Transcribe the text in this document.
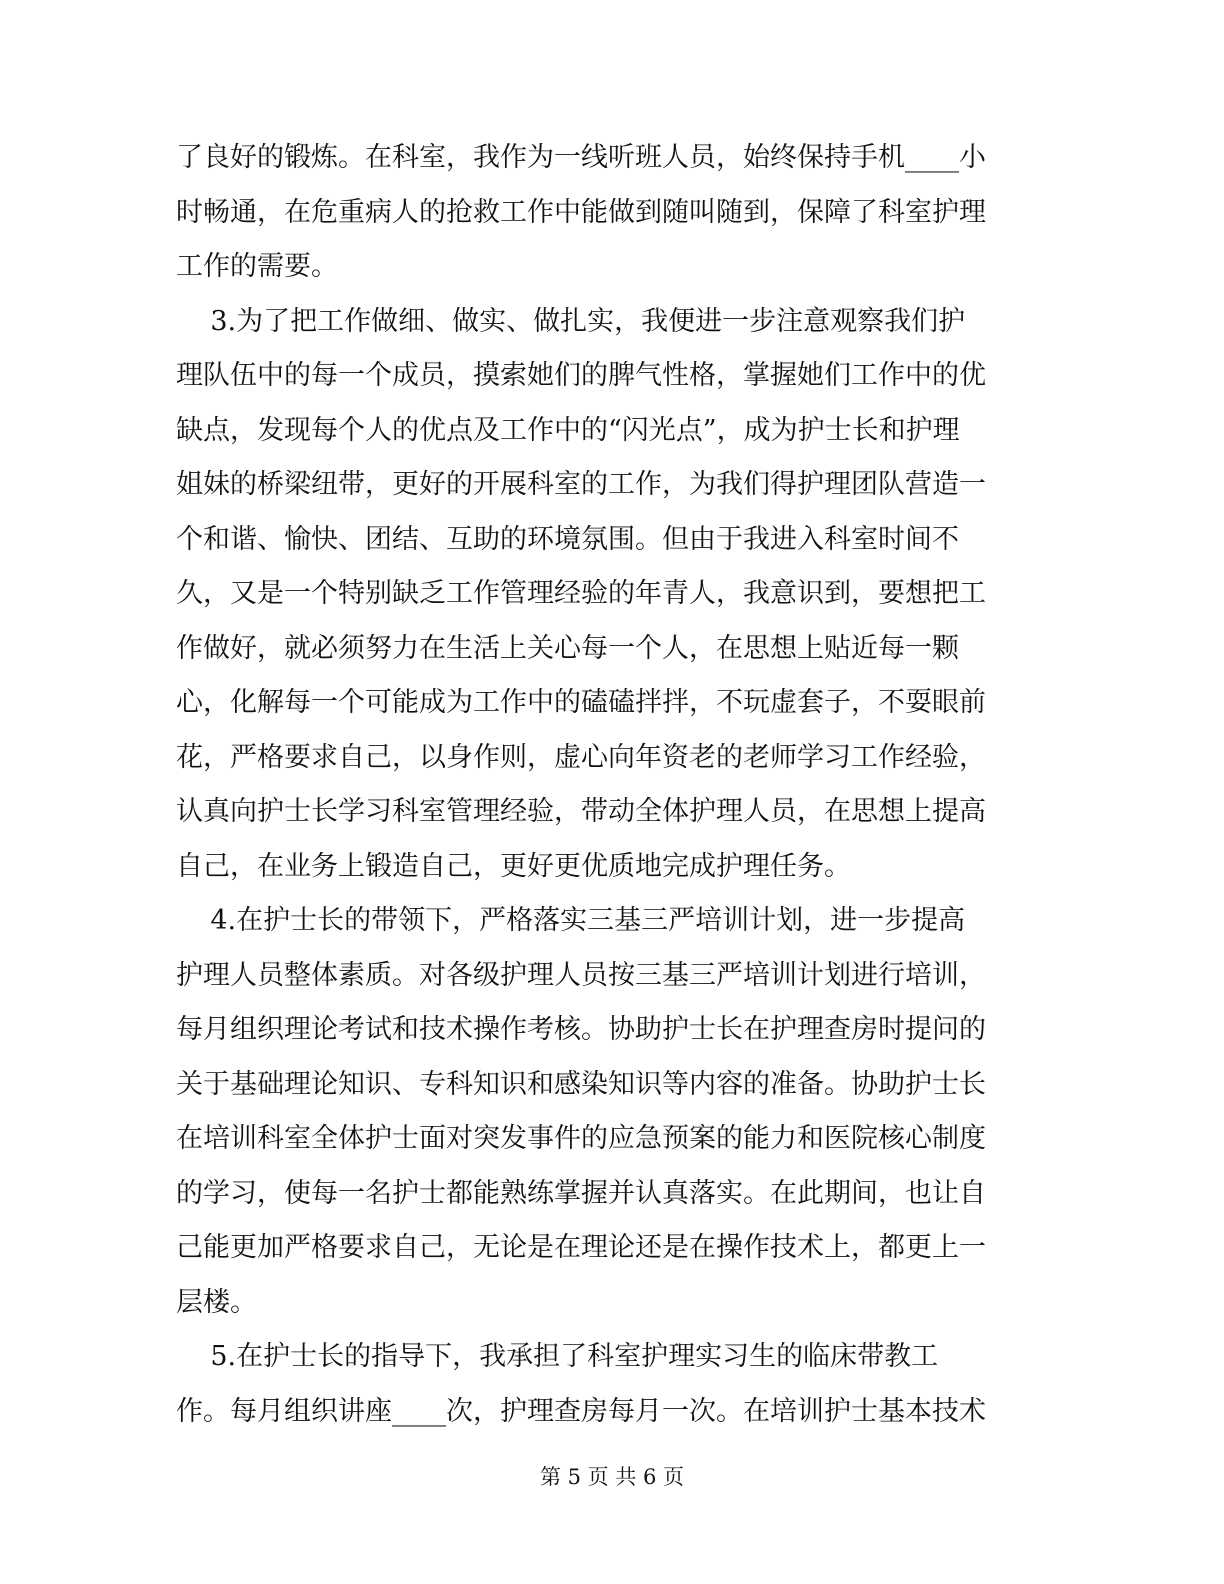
了良好的锻炼。在科室，我作为一线听班人员，始终保持手机____小
时畅通，在危重病人的抢救工作中能做到随叫随到，保障了科室护理
工作的需要。
3.为了把工作做细、做实、做扎实，我便进一步注意观察我们护
理队伍中的每一个成员，摸索她们的脾气性格，掌握她们工作中的优
缺点，发现每个人的优点及工作中的“闪光点”，成为护士长和护理
姐妹的桥梁纽带，更好的开展科室的工作，为我们得护理团队营造一
个和谐、愉快、团结、互助的环境氛围。但由于我进入科室时间不
久，又是一个特别缺乏工作管理经验的年青人，我意识到，要想把工
作做好，就必须努力在生活上关心每一个人，在思想上贴近每一颗
心，化解每一个可能成为工作中的磕磕拌拌，不玩虚套子，不耍眼前
花，严格要求自己，以身作则，虚心向年资老的老师学习工作经验，
认真向护士长学习科室管理经验，带动全体护理人员，在思想上提高
自己，在业务上锻造自己，更好更优质地完成护理任务。
4.在护士长的带领下，严格落实三基三严培训计划，进一步提高
护理人员整体素质。对各级护理人员按三基三严培训计划进行培训，
每月组织理论考试和技术操作考核。协助护士长在护理查房时提问的
关于基础理论知识、专科知识和感染知识等内容的准备。协助护士长
在培训科室全体护士面对突发事件的应急预案的能力和医院核心制度
的学习，使每一名护士都能熟练掌握并认真落实。在此期间，也让自
己能更加严格要求自己，无论是在理论还是在操作技术上，都更上一
层楼。
5.在护士长的指导下，我承担了科室护理实习生的临床带教工
作。每月组织讲座____次，护理查房每月一次。在培训护士基本技术
第 5 页 共 6 页
